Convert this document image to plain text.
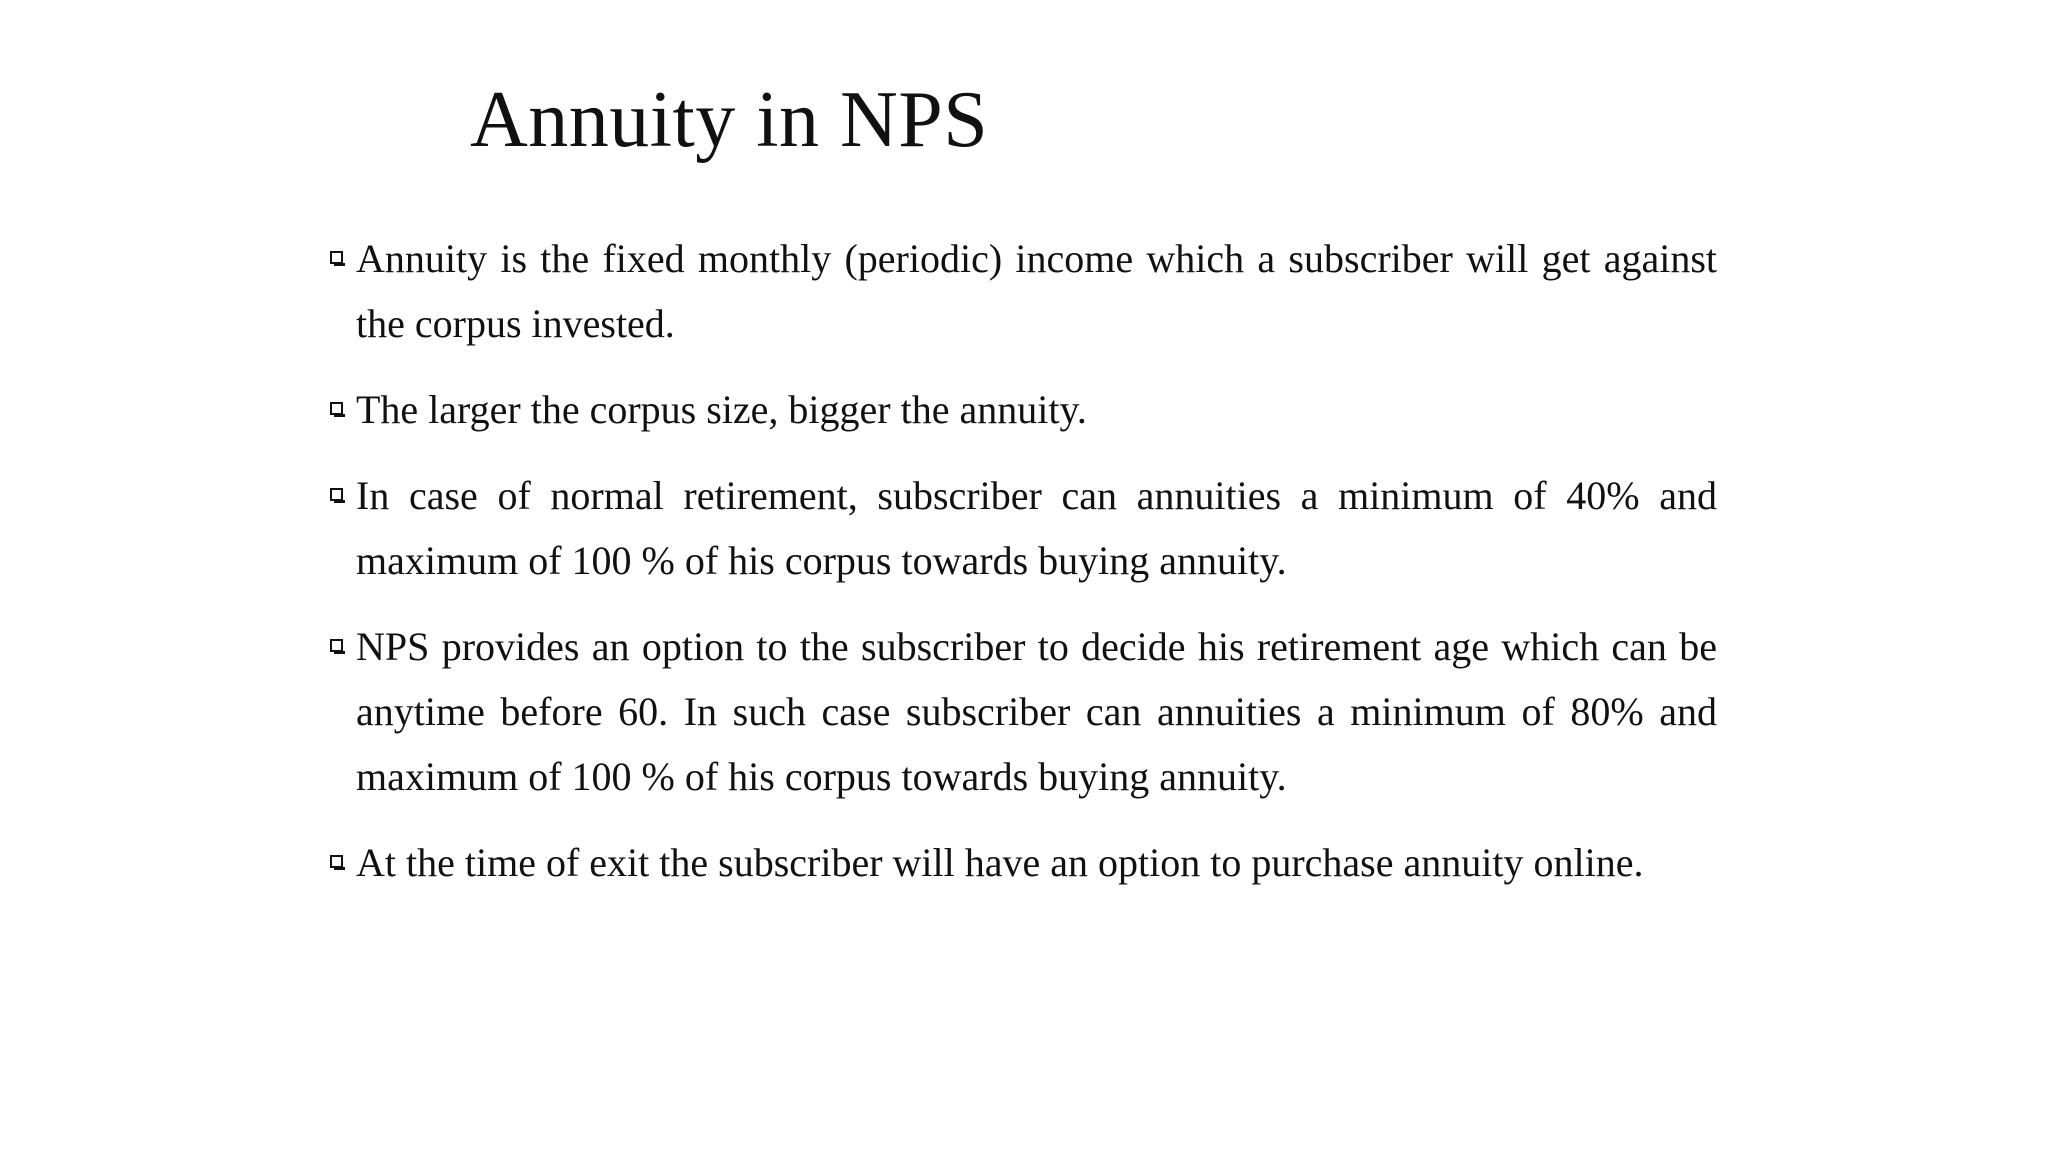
Annuity in NPS

Annuity is the fixed monthly (periodic) income which a subscriber will get against the corpus invested.

The larger the corpus size, bigger the annuity.

In case of normal retirement, subscriber can annuities a minimum of 40% and maximum of 100 % of his corpus towards buying annuity.

NPS provides an option to the subscriber to decide his retirement age which can be anytime before 60. In such case subscriber can annuities a minimum of 80% and maximum of 100 % of his corpus towards buying annuity.

At the time of exit the subscriber will have an option to purchase annuity online.
